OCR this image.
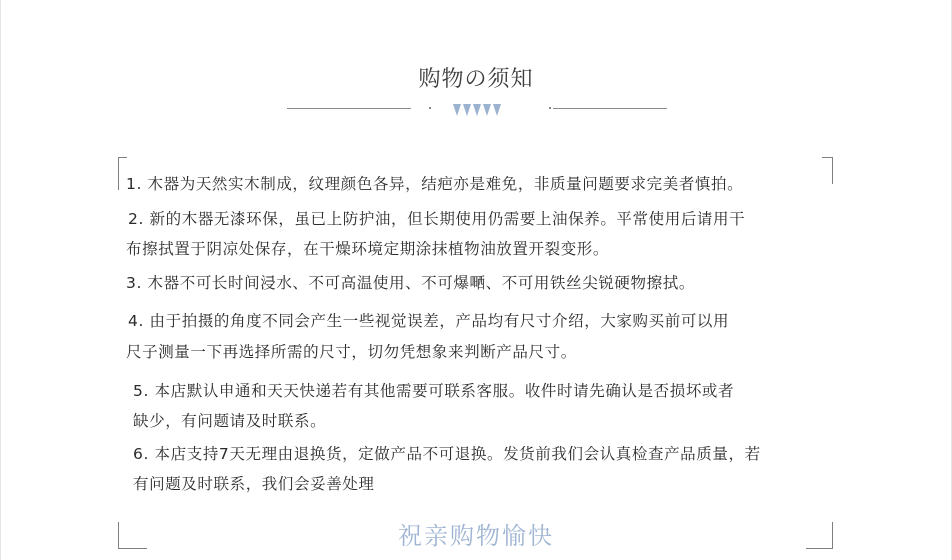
购物の须知
1. 木器为天然实木制成，纹理颜色各异，结疤亦是难免，非质量问题要求完美者慎拍。
2. 新的木器无漆环保，虽已上防护油，但长期使用仍需要上油保养。平常使用后请用干
布擦拭置于阴凉处保存，在干燥环境定期涂抹植物油放置开裂变形。
3. 木器不可长时间浸水、不可高温使用、不可爆嗮、不可用铁丝尖锐硬物擦拭。
4. 由于拍摄的角度不同会产生一些视觉误差，产品均有尺寸介绍，大家购买前可以用
尺子测量一下再选择所需的尺寸，切勿凭想象来判断产品尺寸。
5. 本店默认申通和天天快递若有其他需要可联系客服。收件时请先确认是否损坏或者
缺少，有问题请及时联系。
6. 本店支持7天无理由退换货，定做产品不可退换。发货前我们会认真检查产品质量，若
有问题及时联系，我们会妥善处理
祝亲购物愉快
